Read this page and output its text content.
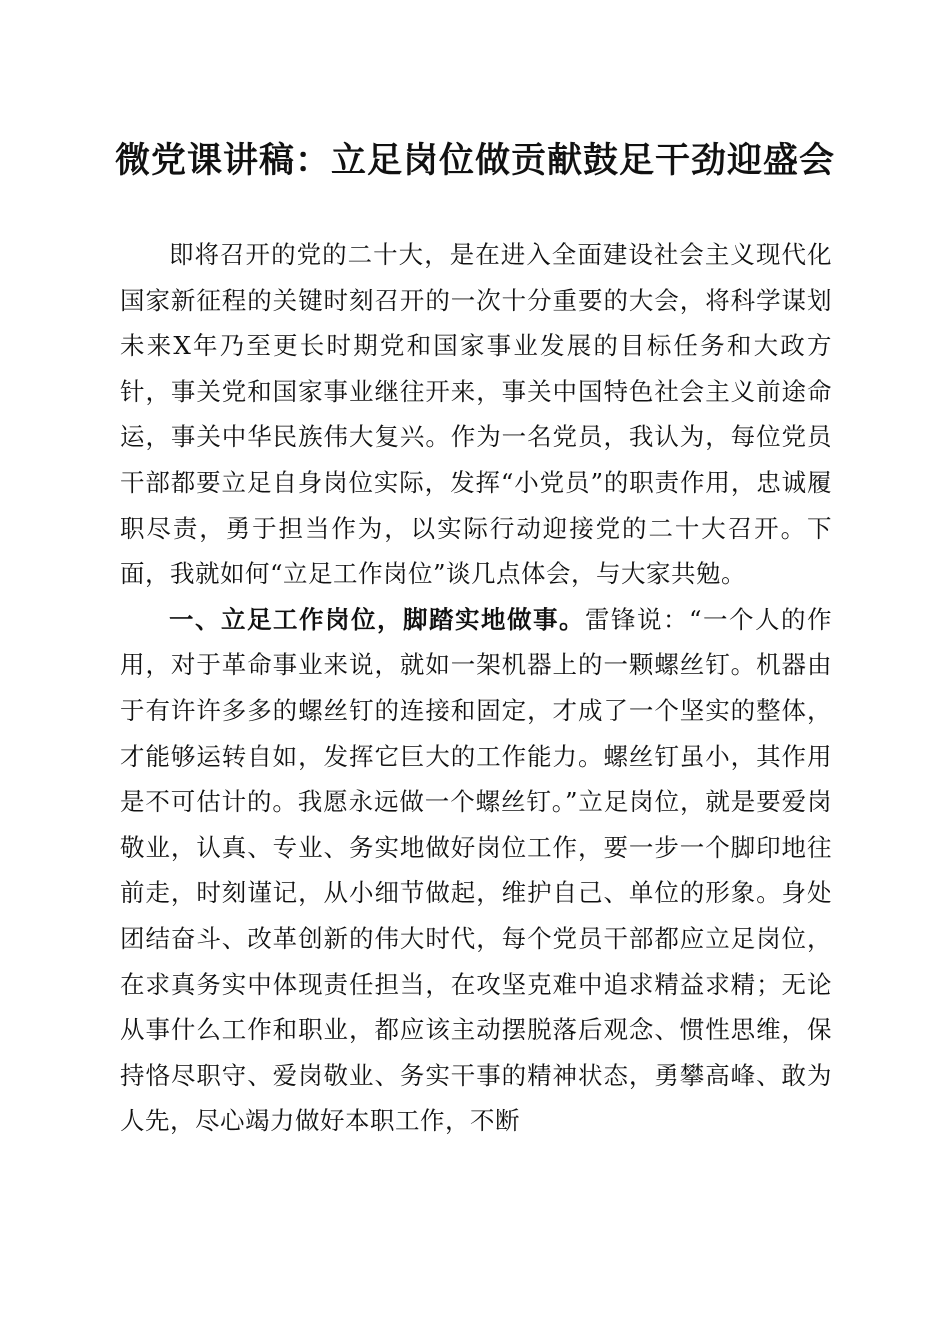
微党课讲稿：立足岗位做贡献鼓足干劲迎盛会

即将召开的党的二十大，是在进入全面建设社会主义现代化国家新征程的关键时刻召开的一次十分重要的大会，将科学谋划未来X年乃至更长时期党和国家事业发展的目标任务和大政方针，事关党和国家事业继往开来，事关中国特色社会主义前途命运，事关中华民族伟大复兴。作为一名党员，我认为，每位党员干部都要立足自身岗位实际，发挥“小党员”的职责作用，忠诚履职尽责，勇于担当作为，以实际行动迎接党的二十大召开。下面，我就如何“立足工作岗位”谈几点体会，与大家共勉。

一、立足工作岗位，脚踏实地做事。雷锋说：“一个人的作用，对于革命事业来说，就如一架机器上的一颗螺丝钉。机器由于有许许多多的螺丝钉的连接和固定，才成了一个坚实的整体，才能够运转自如，发挥它巨大的工作能力。螺丝钉虽小，其作用是不可估计的。我愿永远做一个螺丝钉。”立足岗位，就是要爱岗敬业，认真、专业、务实地做好岗位工作，要一步一个脚印地往前走，时刻谨记，从小细节做起，维护自己、单位的形象。身处团结奋斗、改革创新的伟大时代，每个党员干部都应立足岗位，在求真务实中体现责任担当，在攻坚克难中追求精益求精；无论从事什么工作和职业，都应该主动摆脱落后观念、惯性思维，保持恪尽职守、爱岗敬业、务实干事的精神状态，勇攀高峰、敢为人先，尽心竭力做好本职工作，不断
